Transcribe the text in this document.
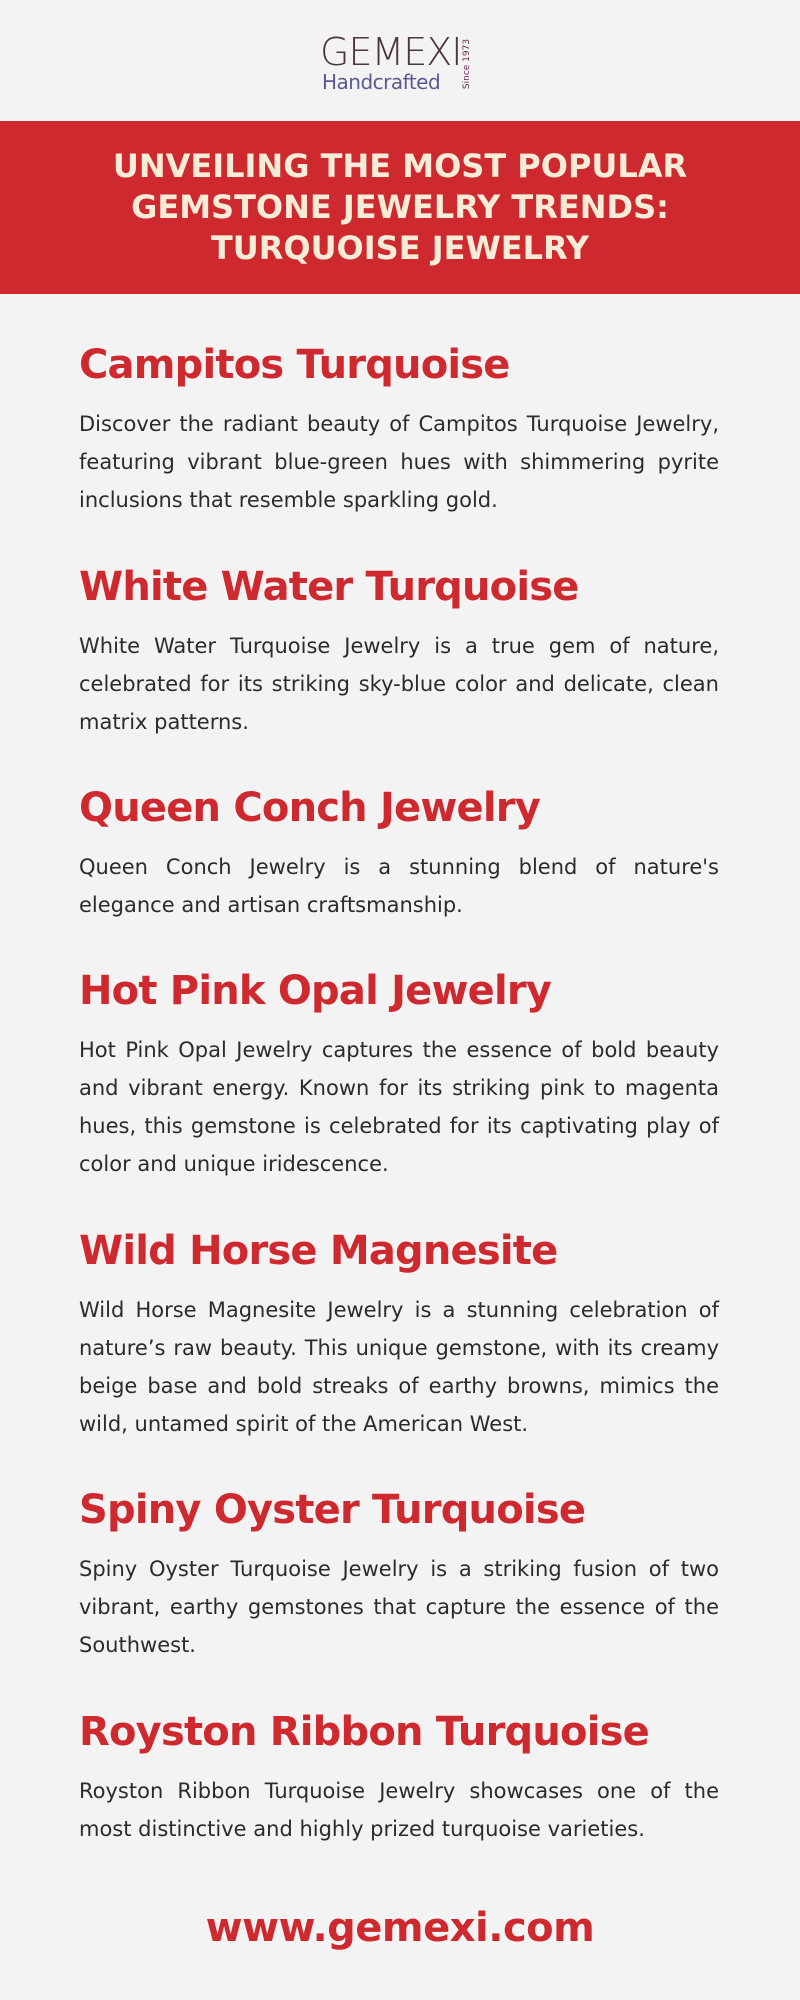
GEMEXI
Handcrafted Since 1973
UNVEILING THE MOST POPULAR GEMSTONE JEWELRY TRENDS: TURQUOISE JEWELRY
Campitos Turquoise

Discover the radiant beauty of Campitos Turquoise Jewelry, featuring vibrant blue-green hues with shimmering pyrite inclusions that resemble sparkling gold.

White Water Turquoise

White Water Turquoise Jewelry is a true gem of nature, celebrated for its striking sky-blue color and delicate, clean matrix patterns.

Queen Conch Jewelry

Queen Conch Jewelry is a stunning blend of nature's elegance and artisan craftsmanship.

Hot Pink Opal Jewelry

Hot Pink Opal Jewelry captures the essence of bold beauty and vibrant energy. Known for its striking pink to magenta hues, this gemstone is celebrated for its captivating play of color and unique iridescence.

Wild Horse Magnesite

Wild Horse Magnesite Jewelry is a stunning celebration of nature’s raw beauty. This unique gemstone, with its creamy beige base and bold streaks of earthy browns, mimics the wild, untamed spirit of the American West.

Spiny Oyster Turquoise

Spiny Oyster Turquoise Jewelry is a striking fusion of two vibrant, earthy gemstones that capture the essence of the Southwest.

Royston Ribbon Turquoise

Royston Ribbon Turquoise Jewelry showcases one of the most distinctive and highly prized turquoise varieties.

www.gemexi.com
